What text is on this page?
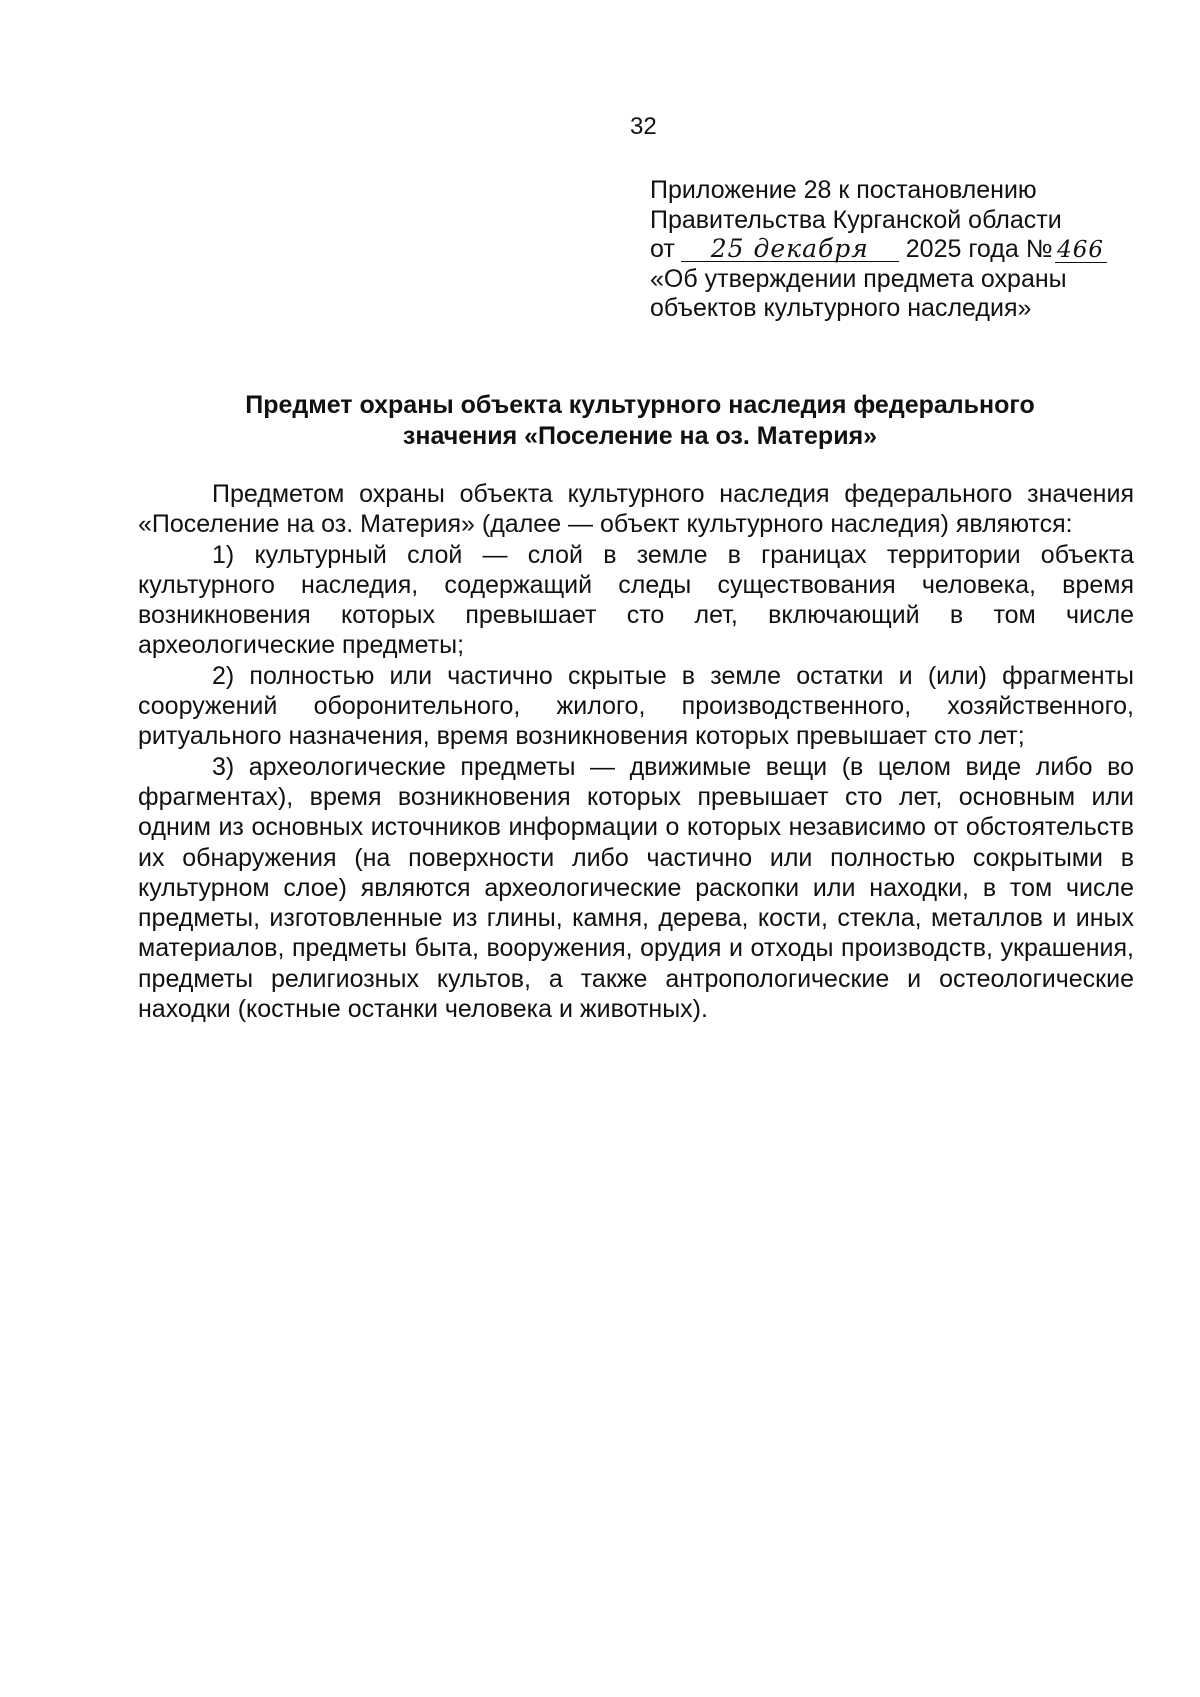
32
Приложение 28 к постановлению
Правительства Курганской области
от 25 декабря 2025 года № 466
«Об утверждении предмета охраны
объектов культурного наследия»
Предмет охраны объекта культурного наследия федерального
значения «Поселение на оз. Материя»

Предметом охраны объекта культурного наследия федерального значения «Поселение на оз. Материя» (далее — объект культурного наследия) являются:

1) культурный слой — слой в земле в границах территории объекта культурного наследия, содержащий следы существования человека, время возникновения которых превышает сто лет, включающий в том числе археологические предметы;

2) полностью или частично скрытые в земле остатки и (или) фрагменты сооружений оборонительного, жилого, производственного, хозяйственного, ритуального назначения, время возникновения которых превышает сто лет;

3) археологические предметы — движимые вещи (в целом виде либо во фрагментах), время возникновения которых превышает сто лет, основным или одним из основных источников информации о которых независимо от обстоятельств их обнаружения (на поверхности либо частично или полностью сокрытыми в культурном слое) являются археологические раскопки или находки, в том числе предметы, изготовленные из глины, камня, дерева, кости, стекла, металлов и иных материалов, предметы быта, вооружения, орудия и отходы производств, украшения, предметы религиозных культов, а также антропологические и остеологические находки (костные останки человека и животных).
